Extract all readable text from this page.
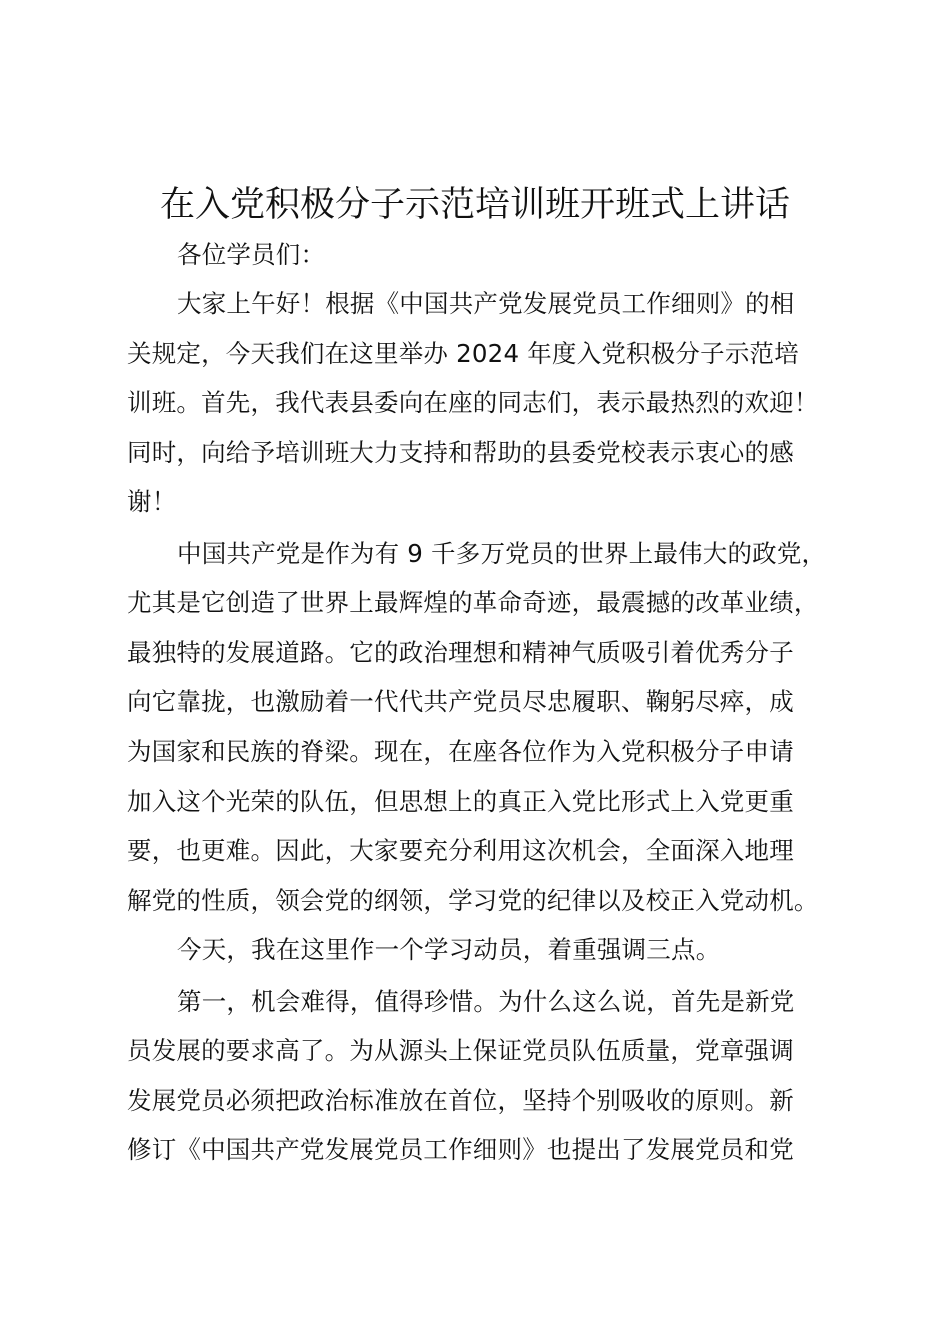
在入党积极分子示范培训班开班式上讲话
各位学员们：
大家上午好！根据《中国共产党发展党员工作细则》的相
关规定，今天我们在这里举办 2024 年度入党积极分子示范培
训班。首先，我代表县委向在座的同志们，表示最热烈的欢迎！
同时，向给予培训班大力支持和帮助的县委党校表示衷心的感
谢！
中国共产党是作为有 9 千多万党员的世界上最伟大的政党，
尤其是它创造了世界上最辉煌的革命奇迹，最震撼的改革业绩，
最独特的发展道路。它的政治理想和精神气质吸引着优秀分子
向它靠拢，也激励着一代代共产党员尽忠履职、鞠躬尽瘁，成
为国家和民族的脊梁。现在，在座各位作为入党积极分子申请
加入这个光荣的队伍，但思想上的真正入党比形式上入党更重
要，也更难。因此，大家要充分利用这次机会，全面深入地理
解党的性质，领会党的纲领，学习党的纪律以及校正入党动机。
今天，我在这里作一个学习动员，着重强调三点。
第一，机会难得，值得珍惜。为什么这么说，首先是新党
员发展的要求高了。为从源头上保证党员队伍质量，党章强调
发展党员必须把政治标准放在首位，坚持个别吸收的原则。新
修订《中国共产党发展党员工作细则》也提出了发展党员和党
